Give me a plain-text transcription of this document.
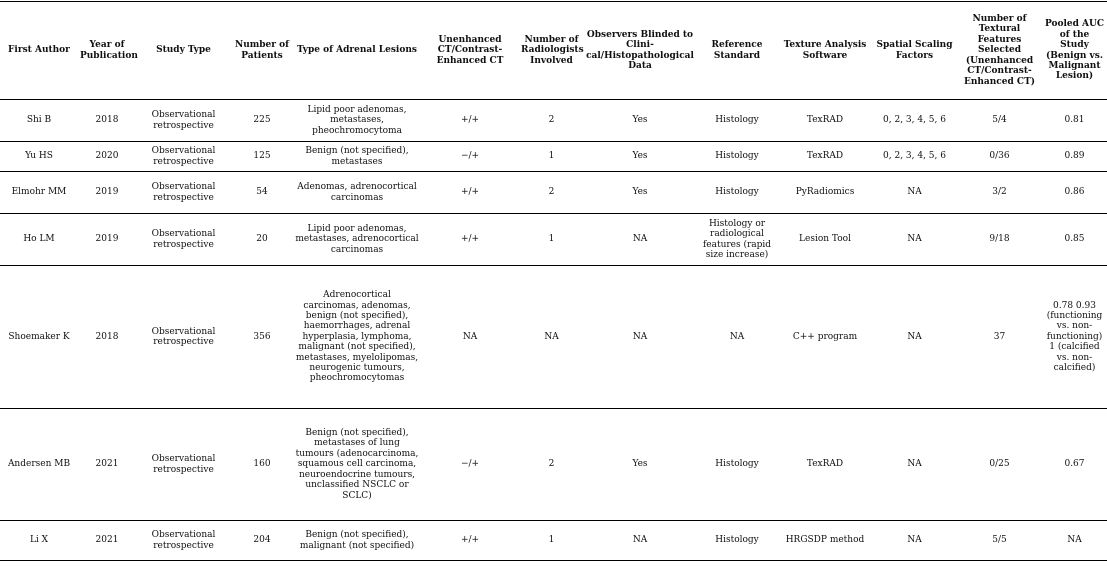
First Author	Year of Publication	Study Type	Number of Patients	Type of Adrenal Lesions	Unenhanced CT/Contrast-Enhanced CT	Number of Radiologists Involved	Observers Blinded to Clini-cal/Histopathological Data	Reference Standard	Texture Analysis Software	Spatial Scaling Factors	Number of Textural Features Selected (Unenhanced CT/Contrast-Enhanced CT)	Pooled AUC of the Study (Benign vs. Malignant Lesion)
Shi B	2018	Observational retrospective	225	Lipid poor adenomas, metastases, pheochromocytoma	+/+	2	Yes	Histology	TexRAD	0, 2, 3, 4, 5, 6	5/4	0.81
Yu HS	2020	Observational retrospective	125	Benign (not specified), metastases	−/+	1	Yes	Histology	TexRAD	0, 2, 3, 4, 5, 6	0/36	0.89
Elmohr MM	2019	Observational retrospective	54	Adenomas, adrenocortical carcinomas	+/+	2	Yes	Histology	PyRadiomics	NA	3/2	0.86
Ho LM	2019	Observational retrospective	20	Lipid poor adenomas, metastases, adrenocortical carcinomas	+/+	1	NA	Histology or radiological features (rapid size increase)	Lesion Tool	NA	9/18	0.85
Shoemaker K	2018	Observational retrospective	356	Adrenocortical carcinomas, adenomas, benign (not specified), haemorrhages, adrenal hyperplasia, lymphoma, malignant (not specified), metastases, myelolipomas, neurogenic tumours, pheochromocytomas	NA	NA	NA	NA	C++ program	NA	37	0.78 0.93 (functioning vs. non-functioning) 1 (calcified vs. non-calcified)
Andersen MB	2021	Observational retrospective	160	Benign (not specified), metastases of lung tumours (adenocarcinoma, squamous cell carcinoma, neuroendocrine tumours, unclassified NSCLC or SCLC)	−/+	2	Yes	Histology	TexRAD	NA	0/25	0.67
Li X	2021	Observational retrospective	204	Benign (not specified), malignant (not specified)	+/+	1	NA	Histology	HRGSDP method	NA	5/5	NA
